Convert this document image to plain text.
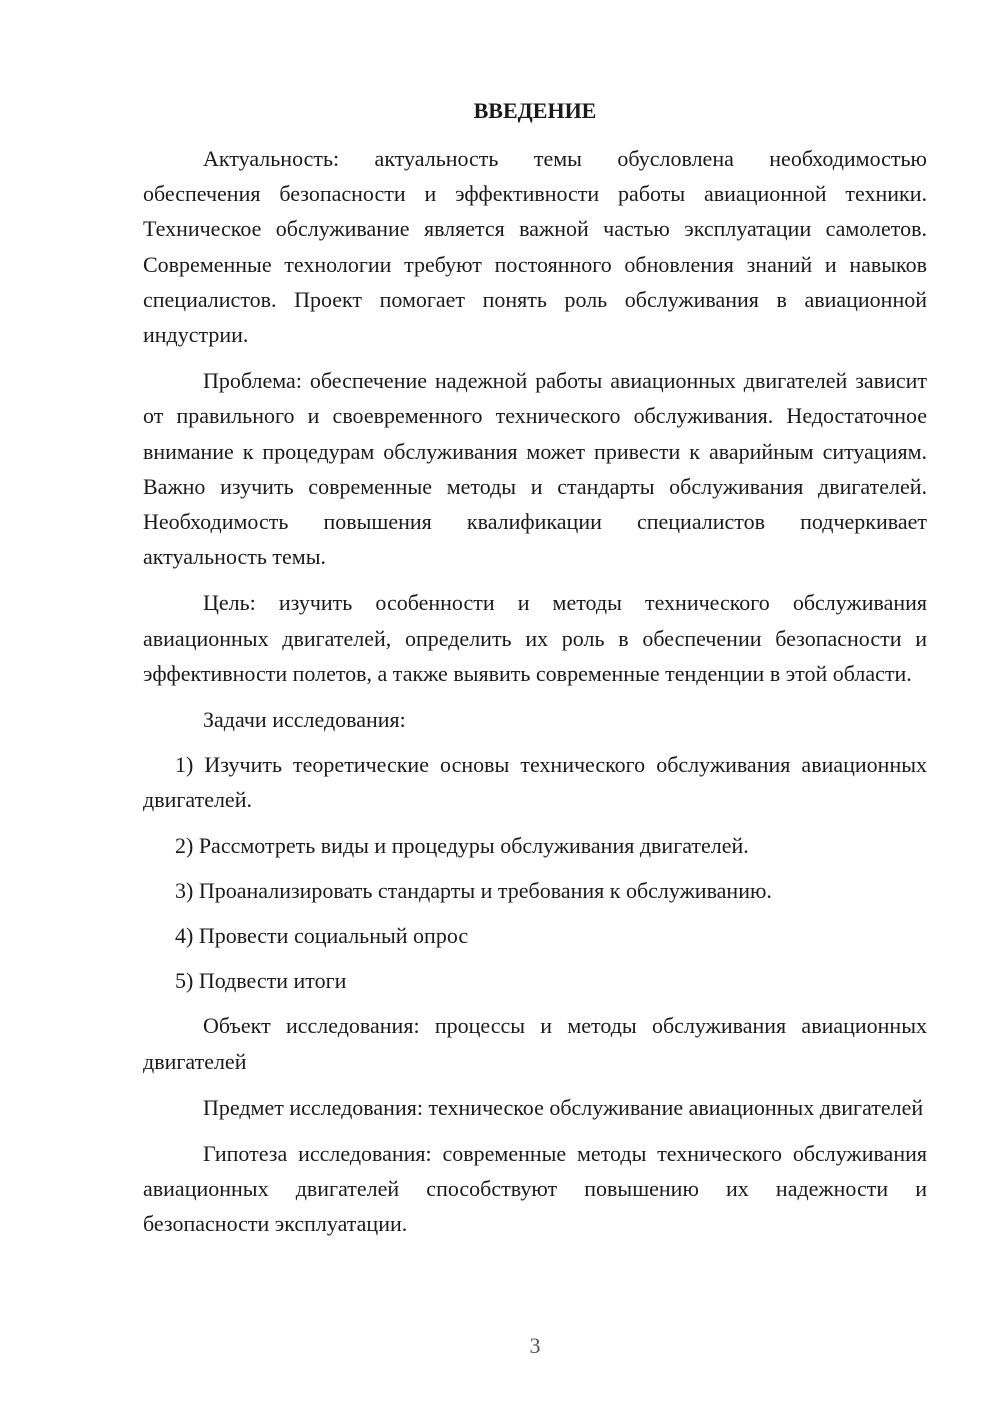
ВВЕДЕНИЕ

Актуальность: актуальность темы обусловлена необходимостью обеспечения безопасности и эффективности работы авиационной техники. Техническое обслуживание является важной частью эксплуатации самолетов. Современные технологии требуют постоянного обновления знаний и навыков специалистов. Проект помогает понять роль обслуживания в авиационной индустрии.

Проблема: обеспечение надежной работы авиационных двигателей зависит от правильного и своевременного технического обслуживания. Недостаточное внимание к процедурам обслуживания может привести к аварийным ситуациям. Важно изучить современные методы и стандарты обслуживания двигателей. Необходимость повышения квалификации специалистов подчеркивает актуальность темы.

Цель: изучить особенности и методы технического обслуживания авиационных двигателей, определить их роль в обеспечении безопасности и эффективности полетов, а также выявить современные тенденции в этой области.

Задачи исследования:

1) Изучить теоретические основы технического обслуживания авиационных двигателей.

2) Рассмотреть виды и процедуры обслуживания двигателей.

3) Проанализировать стандарты и требования к обслуживанию.

4) Провести социальный опрос

5) Подвести итоги

Объект исследования: процессы и методы обслуживания авиационных двигателей

Предмет исследования: техническое обслуживание авиационных двигателей

Гипотеза исследования: современные методы технического обслуживания авиационных двигателей способствуют повышению их надежности и безопасности эксплуатации.

3
